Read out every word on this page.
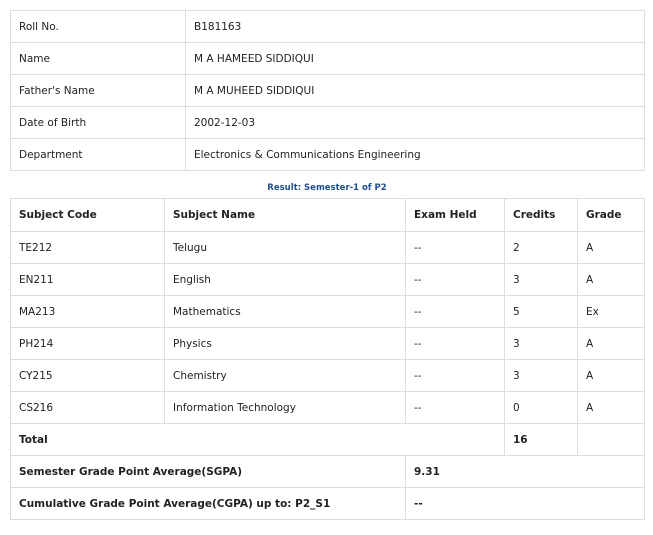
Roll No.	B181163
Name	M A HAMEED SIDDIQUI
Father's Name	M A MUHEED SIDDIQUI
Date of Birth	2002-12-03
Department	Electronics & Communications Engineering
Result: Semester-1 of P2
Subject Code	Subject Name	Exam Held	Credits	Grade
TE212	Telugu	--	2	A
EN211	English	--	3	A
MA213	Mathematics	--	5	Ex
PH214	Physics	--	3	A
CY215	Chemistry	--	3	A
CS216	Information Technology	--	0	A
Total			16	
Semester Grade Point Average(SGPA)		9.31		
Cumulative Grade Point Average(CGPA) up to: P2_S1		--		
